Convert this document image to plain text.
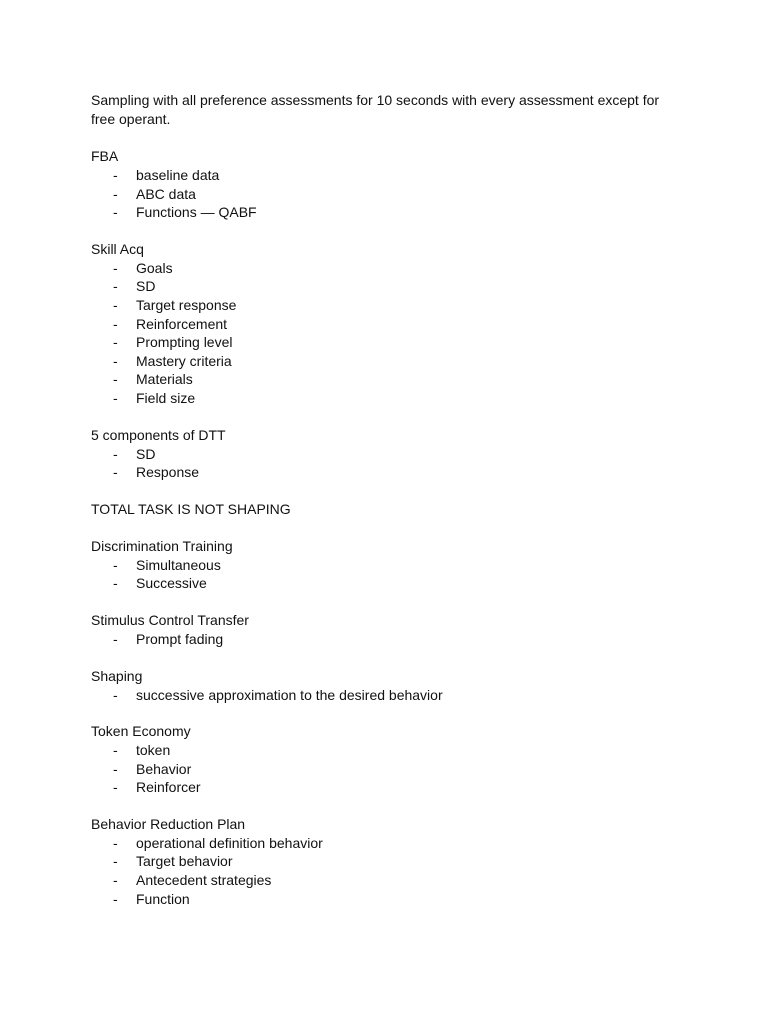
Sampling with all preference assessments for 10 seconds with every assessment except for free operant.

FBA

- baseline data
- ABC data
- Functions — QABF

Skill Acq

- Goals
- SD
- Target response
- Reinforcement
- Prompting level
- Mastery criteria
- Materials
- Field size

5 components of DTT

- SD
- Response

TOTAL TASK IS NOT SHAPING

Discrimination Training

- Simultaneous
- Successive

Stimulus Control Transfer

- Prompt fading

Shaping

- successive approximation to the desired behavior

Token Economy

- token
- Behavior
- Reinforcer

Behavior Reduction Plan

- operational definition behavior
- Target behavior
- Antecedent strategies
- Function
